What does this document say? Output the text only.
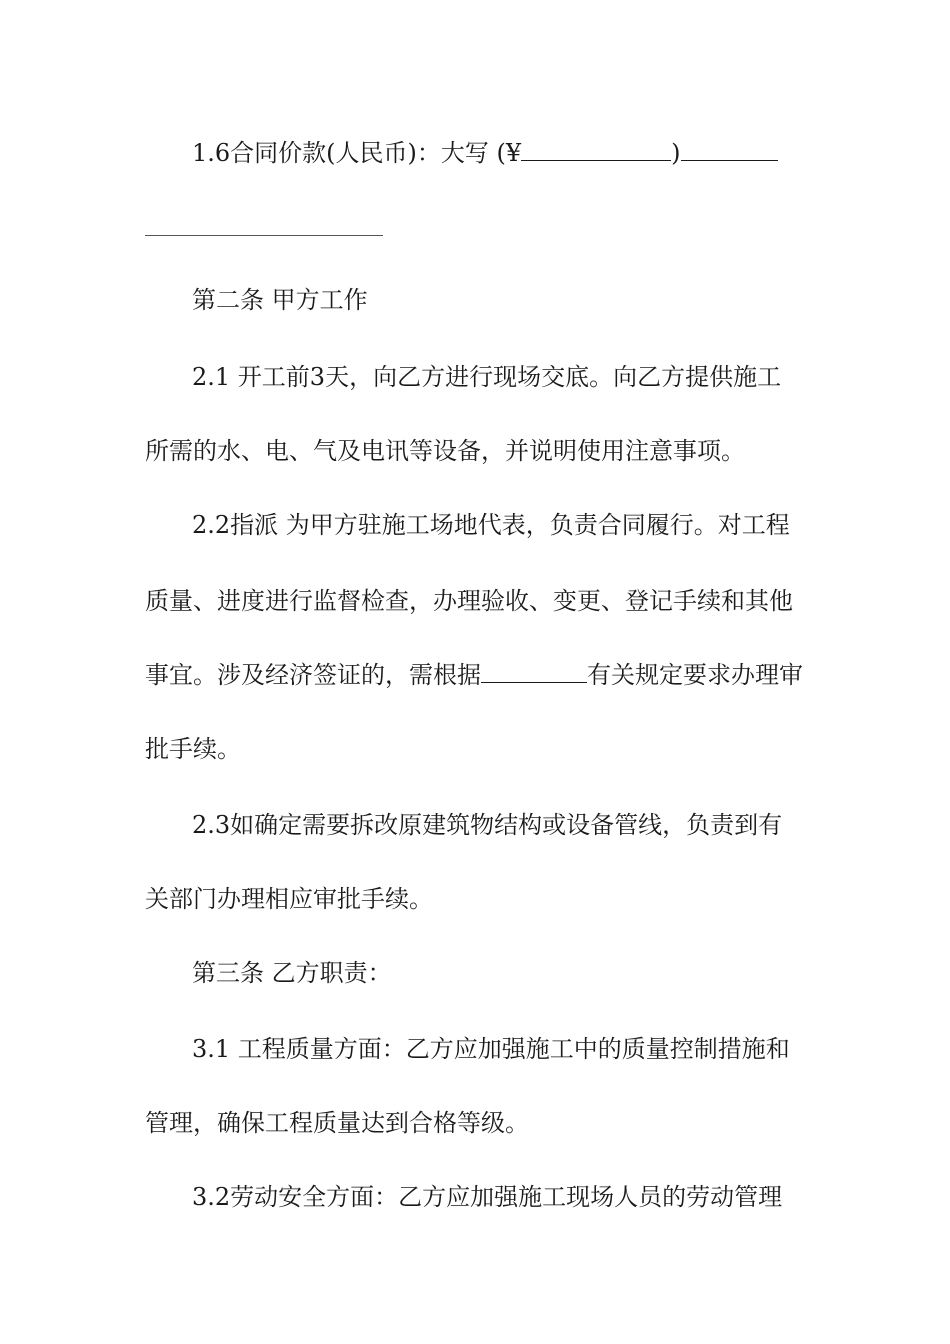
1.6合同价款(人民币)：大写 (¥	)
第二条 甲方工作
2.1 开工前3天，向乙方进行现场交底。向乙方提供施工
所需的水、电、气及电讯等设备，并说明使用注意事项。
2.2指派 为甲方驻施工场地代表，负责合同履行。对工程
质量、进度进行监督检查，办理验收、变更、登记手续和其他
事宜。涉及经济签证的，需根据	有关规定要求办理审
批手续。
2.3如确定需要拆改原建筑物结构或设备管线，负责到有
关部门办理相应审批手续。
第三条 乙方职责：
3.1 工程质量方面：乙方应加强施工中的质量控制措施和
管理，确保工程质量达到合格等级。
3.2劳动安全方面：乙方应加强施工现场人员的劳动管理
